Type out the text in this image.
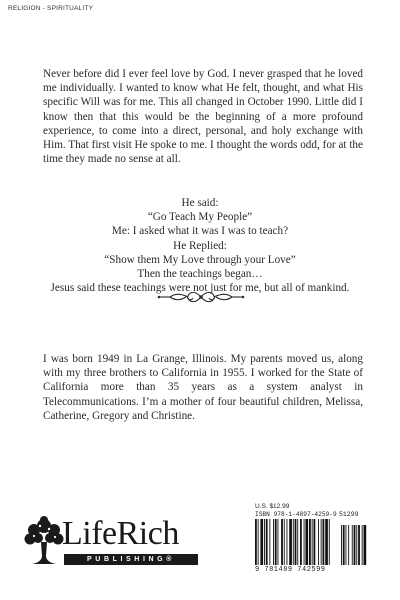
RELIGION - SPIRITUALITY

Never before did I ever feel love by God. I never grasped that he loved me individually. I wanted to know what He felt, thought, and what His specific Will was for me. This all changed in October 1990. Little did I know then that this would be the beginning of a more profound experience, to come into a direct, personal, and holy exchange with Him. That first visit He spoke to me. I thought the words odd, for at the time they made no sense at all.

He said:
“Go Teach My People”
Me: I asked what it was I was to teach?
He Replied:
“Show them My Love through your Love”
Then the teachings began…
Jesus said these teachings were not just for me, but all of mankind.

I was born 1949 in La Grange, Illinois. My parents moved us, along with my three brothers to California in 1955. I worked for the State of California more than 35 years as a system analyst in Telecommunications. I’m a mother of four beautiful children, Melissa, Catherine, Gregory and Christine.

LifeRich
PUBLISHING®
U.S. $12.99
ISBN 978-1-4897-4259-9 51299
9 781489 742599
